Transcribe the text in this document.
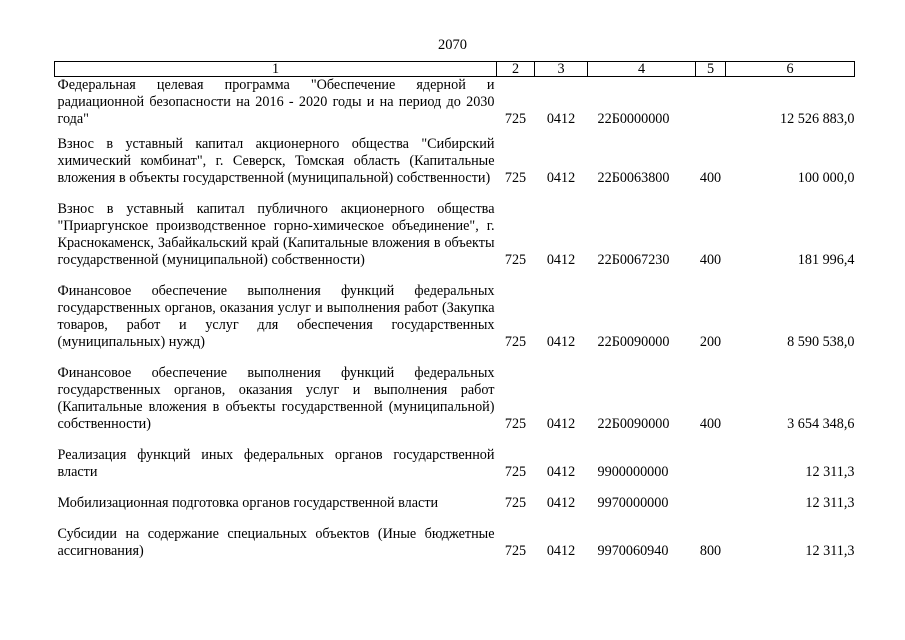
2070
1	2	3	4	5	6
Федеральная целевая программа "Обеспечение ядерной и радиационной безопасности на 2016 - 2020 годы и на период до 2030 года"	725	0412	22Б0000000		12 526 883,0
Взнос в уставный капитал акционерного общества "Сибирский химический комбинат", г. Северск, Томская область (Капитальные вложения в объекты государственной (муниципальной) собственности)	725	0412	22Б0063800	400	100 000,0
Взнос в уставный капитал публичного акционерного общества "Приаргунское производственное горно-химическое объединение", г. Краснокаменск, Забайкальский край (Капитальные вложения в объекты государственной (муниципальной) собственности)	725	0412	22Б0067230	400	181 996,4
Финансовое обеспечение выполнения функций федеральных государственных органов, оказания услуг и выполнения работ (Закупка товаров, работ и услуг для обеспечения государственных (муниципальных) нужд)	725	0412	22Б0090000	200	8 590 538,0
Финансовое обеспечение выполнения функций федеральных государственных органов, оказания услуг и выполнения работ (Капитальные вложения в объекты государственной (муниципальной) собственности)	725	0412	22Б0090000	400	3 654 348,6
Реализация функций иных федеральных органов государственной власти	725	0412	9900000000		12 311,3
Мобилизационная подготовка органов государственной власти	725	0412	9970000000		12 311,3
Субсидии на содержание специальных объектов (Иные бюджетные ассигнования)	725	0412	9970060940	800	12 311,3
